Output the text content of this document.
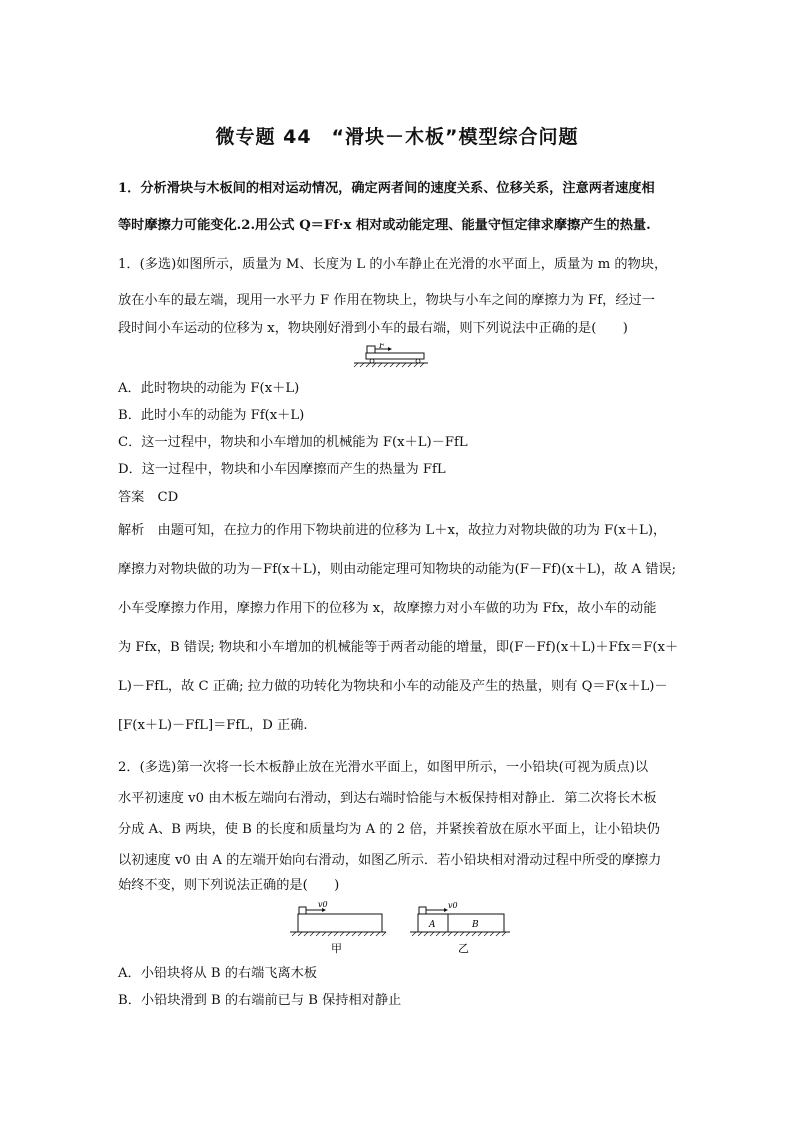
微专题 44　“滑块－木板”模型综合问题
1．分析滑块与木板间的相对运动情况，确定两者间的速度关系、位移关系，注意两者速度相
等时摩擦力可能变化.2.用公式 Q＝Ff·x 相对或动能定理、能量守恒定律求摩擦产生的热量.
1．(多选)如图所示，质量为 M、长度为 L 的小车静止在光滑的水平面上，质量为 m 的物块，
放在小车的最左端，现用一水平力 F 作用在物块上，物块与小车之间的摩擦力为 Ff，经过一
段时间小车运动的位移为 x，物块刚好滑到小车的最右端，则下列说法中正确的是(　　)
F
A．此时物块的动能为 F(x＋L)
B．此时小车的动能为 Ff(x＋L)
C．这一过程中，物块和小车增加的机械能为 F(x＋L)－FfL
D．这一过程中，物块和小车因摩擦而产生的热量为 FfL
答案　CD
解析　由题可知，在拉力的作用下物块前进的位移为 L＋x，故拉力对物块做的功为 F(x＋L)，
摩擦力对物块做的功为－Ff(x＋L)，则由动能定理可知物块的动能为(F－Ff)(x＋L)，故 A 错误;
小车受摩擦力作用，摩擦力作用下的位移为 x，故摩擦力对小车做的功为 Ffx，故小车的动能
为 Ffx，B 错误; 物块和小车增加的机械能等于两者动能的增量，即(F－Ff)(x＋L)＋Ffx＝F(x＋
L)－FfL，故 C 正确; 拉力做的功转化为物块和小车的动能及产生的热量，则有 Q＝F(x＋L)－
[F(x＋L)－FfL]＝FfL，D 正确.
2．(多选)第一次将一长木板静止放在光滑水平面上，如图甲所示，一小铅块(可视为质点)以
水平初速度 v0 由木板左端向右滑动，到达右端时恰能与木板保持相对静止．第二次将长木板
分成 A、B 两块，使 B 的长度和质量均为 A 的 2 倍，并紧挨着放在原水平面上，让小铅块仍
以初速度 v0 由 A 的左端开始向右滑动，如图乙所示．若小铅块相对滑动过程中所受的摩擦力
始终不变，则下列说法正确的是(　　)
v0
甲
v0
A	B
乙
A．小铅块将从 B 的右端飞离木板
B．小铅块滑到 B 的右端前已与 B 保持相对静止
